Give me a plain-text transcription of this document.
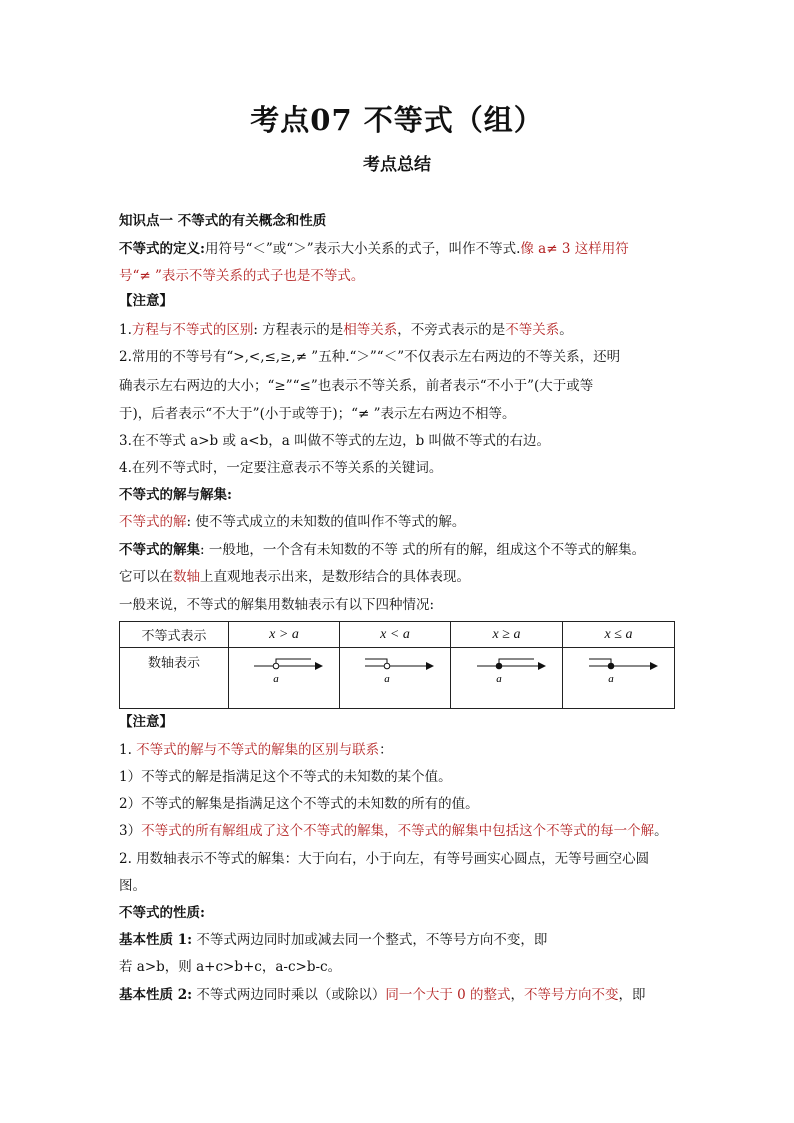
考点07 不等式（组）
考点总结
知识点一 不等式的有关概念和性质
不等式的定义:用符号“＜”或“＞”表示大小关系的式子，叫作不等式.像 a≠ 3 这样用符
号“≠ ”表示不等关系的式子也是不等式。
【注意】
1.方程与不等式的区别: 方程表示的是相等关系，不旁式表示的是不等关系。
2.常用的不等号有“>,<,≤,≥,≠ ”五种.“＞”“＜”不仅表示左右两边的不等关系，还明
确表示左右两边的大小；“≥”“≤”也表示不等关系，前者表示“不小于”(大于或等
于)，后者表示“不大于”(小于或等于)；“≠ ”表示左右两边不相等。
3.在不等式 a>b 或 a<b，a 叫做不等式的左边，b 叫做不等式的右边。
4.在列不等式时，一定要注意表示不等关系的关键词。
不等式的解与解集:
不等式的解: 使不等式成立的未知数的值叫作不等式的解。
不等式的解集: 一般地，一个含有未知数的不等 式的所有的解，组成这个不等式的解集。
它可以在数轴上直观地表示出来，是数形结合的具体表现。
一般来说，不等式的解集用数轴表示有以下四种情况:
不等式表示	x > a	x < a	x ≥ a	x ≤ a

数轴表示	a	a	a	a
【注意】
1. 不等式的解与不等式的解集的区别与联系：
1）不等式的解是指满足这个不等式的未知数的某个值。
2）不等式的解集是指满足这个不等式的未知数的所有的值。
3）不等式的所有解组成了这个不等式的解集，不等式的解集中包括这个不等式的每一个解。
2. 用数轴表示不等式的解集：大于向右，小于向左，有等号画实心圆点，无等号画空心圆
图。
不等式的性质:
基本性质 1: 不等式两边同时加或减去同一个整式，不等号方向不变，即
若 a>b，则 a+c>b+c，a-c>b-c。
基本性质 2: 不等式两边同时乘以（或除以）同一个大于 0 的整式，不等号方向不变，即
